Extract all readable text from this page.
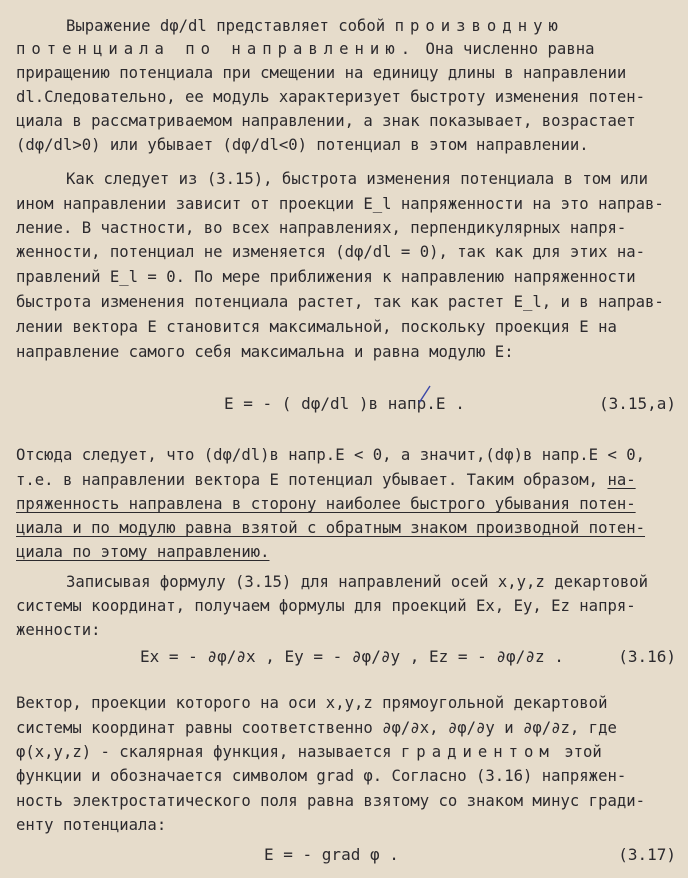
Выражение dφ/dl представляет собой производную
потенциала по направлению. Она численно равна
приращению потенциала при смещении на единицу длины в направлении
dl.Следовательно, ее модуль характеризует быстроту изменения потен-
циала в рассматриваемом направлении, а знак показывает, возрастает
(dφ/dl>0) или убывает (dφ/dl<0) потенциал в этом направлении.
Как следует из (3.15), быстрота изменения потенциала в том или
ином направлении зависит от проекции E_l напряженности на это направ-
ление. В частности, во всех направлениях, перпендикулярных напря-
женности, потенциал не изменяется (dφ/dl = 0), так как для этих на-
правлений E_l = 0. По мере приближения к направлению напряженности
быстрота изменения потенциала растет, так как растет E_l, и в направ-
лении вектора E становится максимальной, поскольку проекция E на
направление самого себя максимальна и равна модулю E:
E = - ( dφ/dl )в напр.E .	(3.15,а)
Отсюда следует, что (dφ/dl)в напр.E < 0, а значит,(dφ)в напр.E < 0,
т.е. в направлении вектора E потенциал убывает. Таким образом, на-
пряженность направлена в сторону наиболее быстрого убывания потен-
циала и по модулю равна взятой с обратным знаком производной потен-
циала по этому направлению.
Записывая формулу (3.15) для направлений осей x,y,z декартовой
системы координат, получаем формулы для проекций Ex, Ey, Ez напря-
женности:
Ex = - ∂φ/∂x , Ey = - ∂φ/∂y , Ez = - ∂φ/∂z .	(3.16)
Вектор, проекции которого на оси x,y,z прямоугольной декартовой
системы координат равны соответственно ∂φ/∂x, ∂φ/∂y и ∂φ/∂z, где
φ(x,y,z) - скалярная функция, называется градиентом этой
функции и обозначается символом grad φ. Согласно (3.16) напряжен-
ность электростатического поля равна взятому со знаком минус гради-
енту потенциала:
E = - grad φ .	(3.17)
